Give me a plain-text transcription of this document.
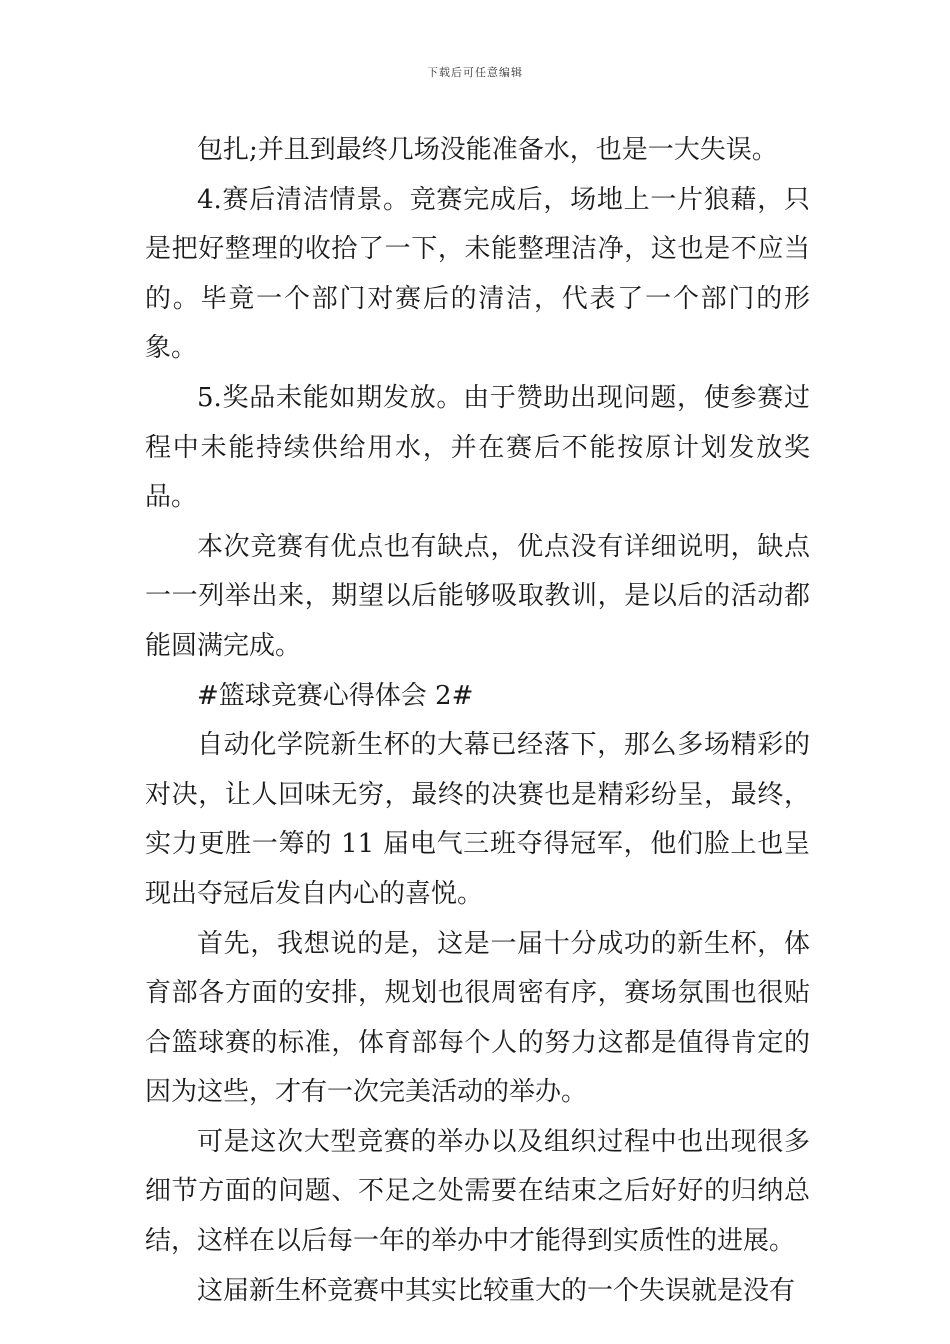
下载后可任意编辑

包扎;并且到最终几场没能准备水，也是一大失误。

4.赛后清洁情景。竞赛完成后，场地上一片狼藉，只是把好整理的收拾了一下，未能整理洁净，这也是不应当的。毕竟一个部门对赛后的清洁，代表了一个部门的形象。

5.奖品未能如期发放。由于赞助出现问题，使参赛过程中未能持续供给用水，并在赛后不能按原计划发放奖品。

本次竞赛有优点也有缺点，优点没有详细说明，缺点一一列举出来，期望以后能够吸取教训，是以后的活动都能圆满完成。

#篮球竞赛心得体会 2#

自动化学院新生杯的大幕已经落下，那么多场精彩的对决，让人回味无穷，最终的决赛也是精彩纷呈，最终，实力更胜一筹的 11 届电气三班夺得冠军，他们脸上也呈现出夺冠后发自内心的喜悦。

首先，我想说的是，这是一届十分成功的新生杯，体育部各方面的安排，规划也很周密有序，赛场氛围也很贴合篮球赛的标准，体育部每个人的努力这都是值得肯定的因为这些，才有一次完美活动的举办。

可是这次大型竞赛的举办以及组织过程中也出现很多细节方面的问题、不足之处需要在结束之后好好的归纳总结，这样在以后每一年的举办中才能得到实质性的进展。

这届新生杯竞赛中其实比较重大的一个失误就是没有
